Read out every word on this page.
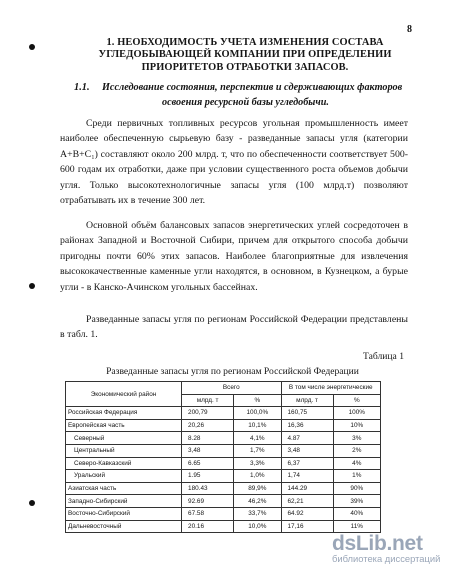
8
1. НЕОБХОДИМОСТЬ УЧЕТА ИЗМЕНЕНИЯ СОСТАВА
УГЛЕДОБЫВАЮЩЕЙ КОМПАНИИ ПРИ ОПРЕДЕЛЕНИИ
ПРИОРИТЕТОВ ОТРАБОТКИ ЗАПАСОВ.
1.1. Исследование состояния, перспектив и сдерживающих факторов
освоения ресурсной базы угледобычи.

Среди первичных топливных ресурсов угольная промышленность имеет наиболее обеспеченную сырьевую базу - разведанные запасы угля (категории А+В+С₁) составляют около 200 млрд. т, что по обеспеченности соответствует 500-600 годам их отработки, даже при условии существенного роста объемов добычи угля. Только высокотехнологичные запасы угля (100 млрд.т) позволяют отрабатывать их в течение 300 лет.

Основной объём балансовых запасов энергетических углей сосредоточен в районах Западной и Восточной Сибири, причем для открытого способа добычи пригодны почти 60% этих запасов. Наиболее благоприятные для извлечения высококачественные каменные угли находятся, в основном, в Кузнецком, а бурые угли - в Канско-Ачинском угольных бассейнах.

Разведанные запасы угля по регионам Российской Федерации представлены в табл. 1.

Таблица 1
Разведанные запасы угля по регионам Российской Федерации
Экономический район	Всего		В том числе энергетические	
	млрд. т	%	млрд. т	%
Российская Федерация	200,79	100,0%	160,75	100%
Европейская часть	20,26	10,1%	16,36	10%
Северный	8.28	4,1%	4.87	3%
Центральный	3,48	1,7%	3,48	2%
Северо-Кавказский	6.65	3,3%	6,37	4%
Уральский	1.95	1,0%	1,74	1%
Азиатская часть	180.43	89,9%	144.29	90%
Западно-Сибирский	92.69	46,2%	62,21	39%
Восточно-Сибирский	67.58	33,7%	64.92	40%
Дальневосточный	20.16	10,0%	17,16	11%
dsLib.net
библиотека диссертаций
